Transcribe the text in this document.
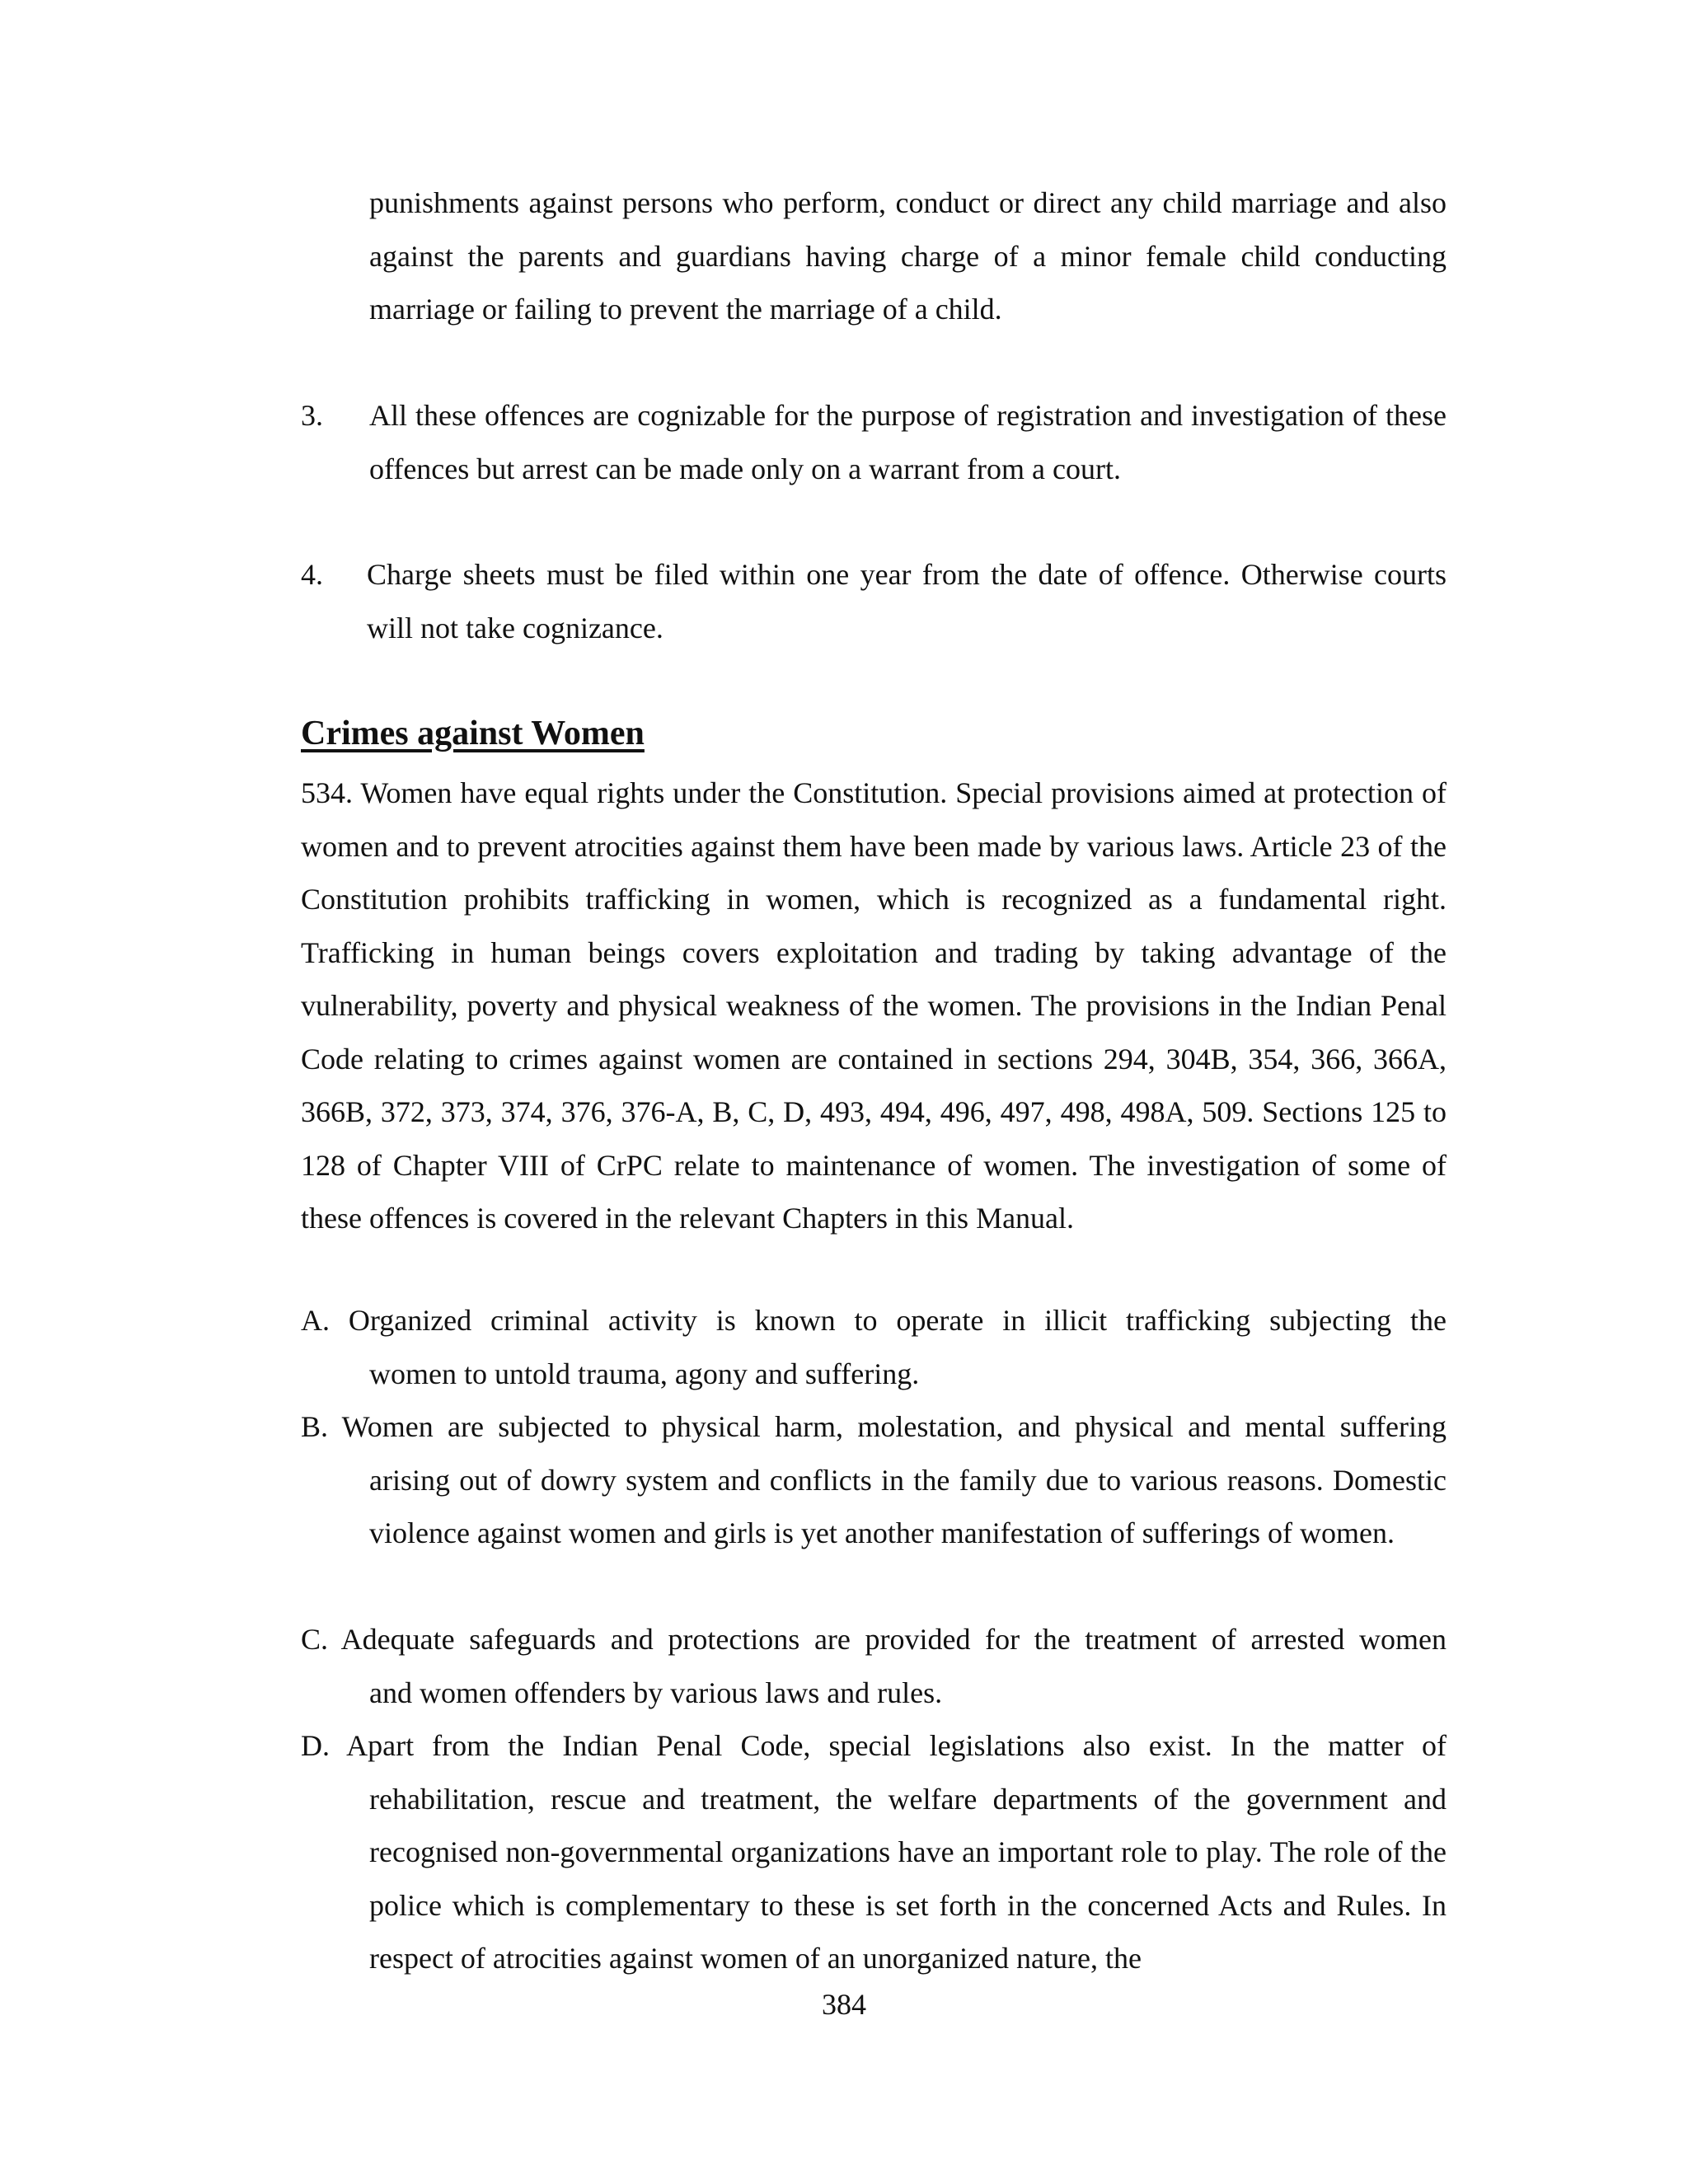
punishments against persons who perform, conduct or direct any child marriage and also against the parents and guardians having charge of a minor female child conducting marriage or failing to prevent the marriage of a child.

3. All these offences are cognizable for the purpose of registration and investigation of these offences but arrest can be made only on a warrant from a court.
4. Charge sheets must be filed within one year from the date of offence. Otherwise courts will not take cognizance.
Crimes against Women

534. Women have equal rights under the Constitution. Special provisions aimed at protection of women and to prevent atrocities against them have been made by various laws. Article 23 of the Constitution prohibits trafficking in women, which is recognized as a fundamental right. Trafficking in human beings covers exploitation and trading by taking advantage of the vulnerability, poverty and physical weakness of the women. The provisions in the Indian Penal Code relating to crimes against women are contained in sections 294, 304B, 354, 366, 366A, 366B, 372, 373, 374, 376, 376-A, B, C, D, 493, 494, 496, 497, 498, 498A, 509. Sections 125 to 128 of Chapter VIII of CrPC relate to maintenance of women. The investigation of some of these offences is covered in the relevant Chapters in this Manual.

A. Organized criminal activity is known to operate in illicit trafficking subjecting the
women to untold trauma, agony and suffering.
B. Women are subjected to physical harm, molestation, and physical and mental suffering
arising out of dowry system and conflicts in the family due to various reasons. Domestic violence against women and girls is yet another manifestation of sufferings of women.
C. Adequate safeguards and protections are provided for the treatment of arrested women
and women offenders by various laws and rules.
D. Apart from the Indian Penal Code, special legislations also exist. In the matter of
rehabilitation, rescue and treatment, the welfare departments of the government and recognised non-governmental organizations have an important role to play. The role of the police which is complementary to these is set forth in the concerned Acts and Rules. In respect of atrocities against women of an unorganized nature, the
384
